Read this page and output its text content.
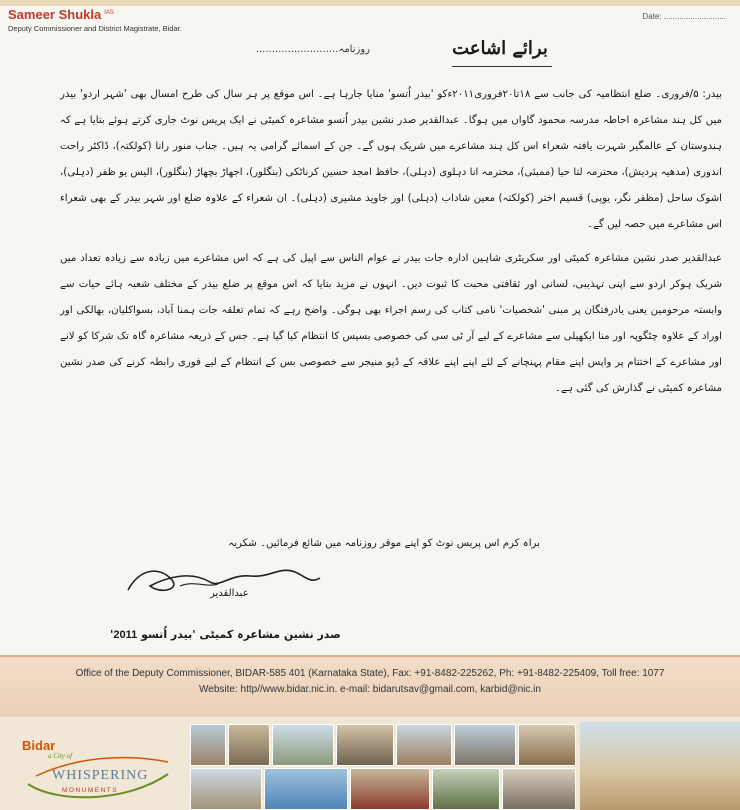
Sameer Shukla $^{IAS}$
Deputy Commissioner and District Magistrate, Bidar.
Date: ............................
برائے اشاعت
روزنامہ..........................

بیدر: ۵/فروری۔ ضلع انتظامیہ کی جانب سے ۱۸تا۲۰فروری۲۰۱۱ءکو 'بیدر اُتسو' منایا جارہا ہے۔ اس موقع پر ہر سال کی طرح امسال بھی 'شہر اردو' بیدر میں کل ہند مشاعرہ احاطہ مدرسہ محمود گاواں میں ہوگا۔ عبدالقدیر صدر نشین بیدر اُتسو مشاعرہ کمیٹی نے ایک پریس نوٹ جاری کرتے ہوئے بتایا ہے کہ ہندوستان کے عالمگیر شہرت یافتہ شعراء اس کل ہند مشاعرے میں شریک ہوں گے۔ جن کے اسمائے گرامی یہ ہیں۔ جناب منور رانا (کولکتہ)، ڈاکٹر راحت اندوری (مدھیہ پردیش)، محترمہ لتا حیا (ممبئی)، محترمہ انا دہلوی (دہلی)، حافظ امجد حسین کرناٹکی (بنگلور)، اجھاڑ بچھاڑ (بنگلور)، الیس یو ظفر (دہلی)، اشوک ساحل (مظفر نگر، یوپی) قسیم اختر (کولکتہ) معین شاداب (دہلی) اور جاوید مشیری (دہلی)۔ ان شعراء کے علاوہ ضلع اور شہر بیدر کے بھی شعراء اس مشاعرے میں حصہ لیں گے۔

عبدالقدیر صدر نشین مشاعرہ کمیٹی اور سکریٹری شاہین ادارہ جات بیدر نے عوام الناس سے اپیل کی ہے کہ اس مشاعرے میں زیادہ سے زیادہ تعداد میں شریک ہوکر اردو سے اپنی تہذیبی، لسانی اور ثقافتی محبت کا ثبوت دیں۔ انہوں نے مزید بتایا کہ اس موقع پر ضلع بیدر کے مختلف شعبہ ہائے حیات سے وابستہ مرحومین یعنی یادرفتگان پر مبنی 'شخصیات' نامی کتاب کی رسم اجراء بھی ہوگی۔ واضح رہے کہ تمام تعلقہ جات ہمنا آباد، بسواکلیان، بھالکی اور اوراد کے علاوہ چٹگوپہ اور منا ایکھیلی سے مشاعرے کے لیے آر ٹی سی کی خصوصی بسیس کا انتظام کیا گیا ہے۔ جس کے ذریعہ مشاعرہ گاہ تک شرکا کو لانے اور مشاعرے کے اختتام پر واپس اپنے مقام پہنچانے کے لئے اپنے اپنے علاقہ کے ڈپو منیجر سے خصوصی بس کے انتظام کے لیے فوری رابطہ کرنے کی صدر نشین مشاعرہ کمیٹی نے گذارش کی گئی ہے۔

براہ کرم اس پریس نوٹ کو اپنے موقر روزنامہ میں شائع فرمائیں۔ شکریہ
عبدالقدیر
صدر نشین مشاعرہ کمیٹی 'بیدر اُتسو 2011'
Office of the Deputy Commissioner, BIDAR-585 401 (Karnataka State), Fax: +91-8482-225262, Ph: +91-8482-225409, Toll free: 1077
Website: http//www.bidar.nic.in. e-mail: bidarutsav@gmail.com, karbid@nic.in
Bidar
a City of
WHISPERING
MONUMENTS
